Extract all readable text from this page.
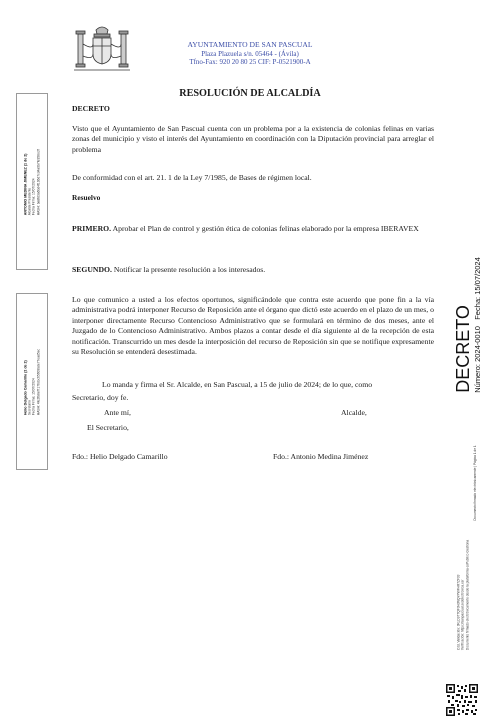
AYUNTAMIENTO DE SAN PASCUAL
Plaza Plazuela s/n. 05464 - (Ávila)
Tfno-Fax: 920 20 80 25 CIF: P-0521900-A
RESOLUCIÓN DE ALCALDÍA
DECRETO
Visto que el Ayuntamiento de San Pascual cuenta con un problema por a la existencia de colonias felinas en varias zonas del municipio y visto el interés del Ayuntamiento en coordinación con la Diputación provincial para arreglar el problema
De conformidad con el art. 21. 1 de la Ley 7/1985, de Bases de régimen local.
Resuelvo
PRIMERO. Aprobar el Plan de control y gestión ética de colonias felinas elaborado por la empresa IBERAVEX
SEGUNDO. Notificar la presente resolución a los interesados.
Lo que comunico a usted a los efectos oportunos, significándole que contra este acuerdo que pone fin a la vía administrativa podrá interponer Recurso de Reposición ante el órgano que dictó este acuerdo en el plazo de un mes, o interponer directamente Recurso Contencioso Administrativo que se formulará en término de dos meses, ante el Juzgado de lo Contencioso Administrativo. Ambos plazos a contar desde el día siguiente al de la recepción de esta notificación. Transcurrido un mes desde la interposición del recurso de Reposición sin que se notifique expresamente su Resolución se entenderá desestimada.
Lo manda y firma el Sr. Alcalde, en San Pascual, a 15 de julio de 2024; de lo que, como
Secretario, doy fe.
Ante mí,	Alcalde,
El Secretario,
Fdo.: Helio Delgado Camarillo	Fdo.: Antonio Medina Jiménez
ANTONIO MEDINA JIMENEZ (1 de 2) Alcalde Presidente Fecha Firma: 15/07/2024 HASH: ba8fd3a6bd4f1b5d7cd4a0b7fe958cd7
Helio Delgado Camarillo (2 de 2) Secretario Fecha Firma: 15/07/2024 HASH: 4fe2fb8ef7176cbc65609bde77ead5ec	DECRETO Número: 2024-0010   Fecha: 15/07/2024
Documento firmado electrónicamente | Página 1 de 1
Cód. Validación: 3KLD9TTQF3H3NQYPWFHR7ZF3J Verificación: https://sanpascual.sedelectronica.es/ Documento firmado electrónicamente desde la plataforma esPublico Gestiona
